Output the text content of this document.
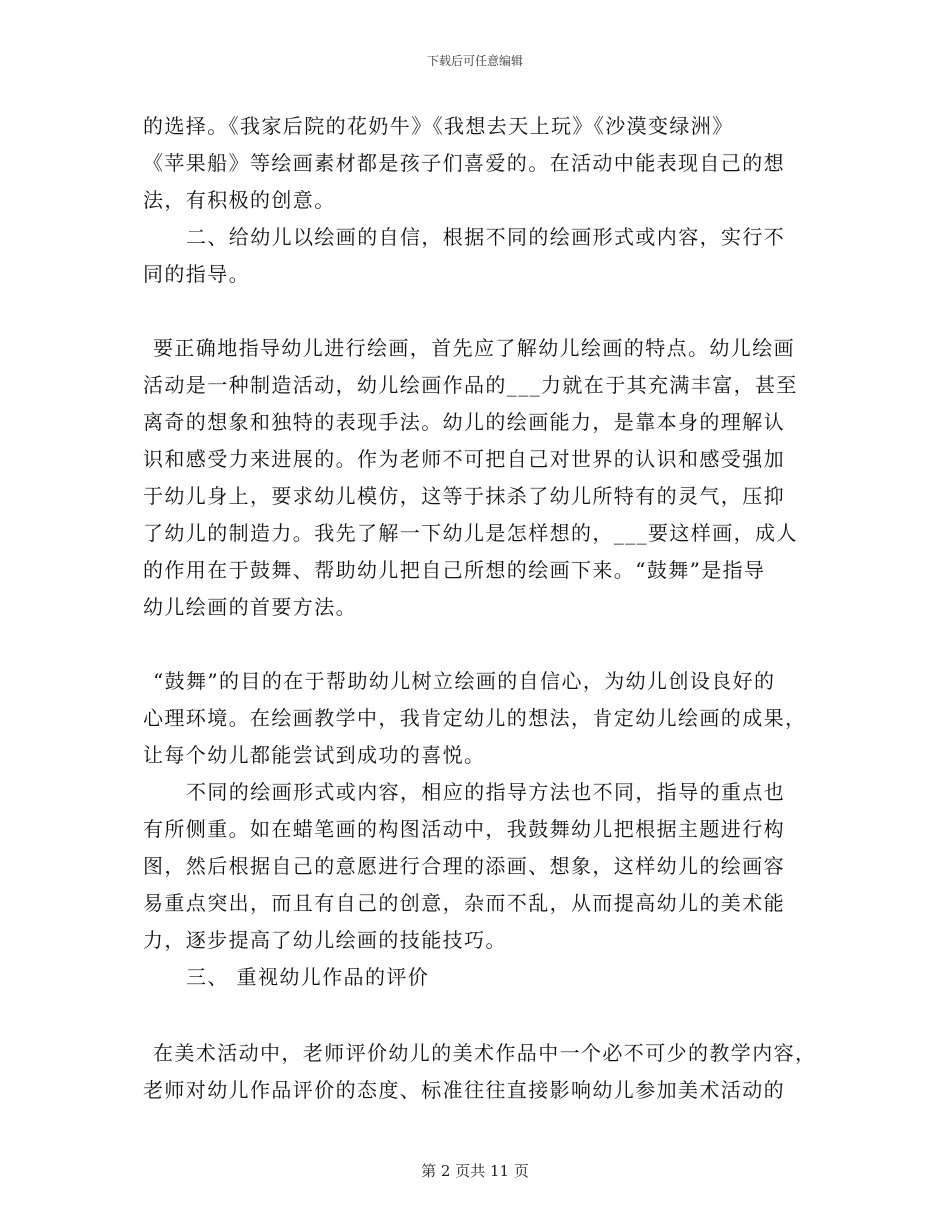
下载后可任意编辑
的选择。《我家后院的花奶牛》《我想去天上玩》《沙漠变绿洲》
《苹果船》等绘画素材都是孩子们喜爱的。在活动中能表现自己的想
法，有积极的创意。
二、给幼儿以绘画的自信，根据不同的绘画形式或内容，实行不
同的指导。
要正确地指导幼儿进行绘画，首先应了解幼儿绘画的特点。幼儿绘画
活动是一种制造活动，幼儿绘画作品的___力就在于其充满丰富，甚至
离奇的想象和独特的表现手法。幼儿的绘画能力，是靠本身的理解认
识和感受力来进展的。作为老师不可把自己对世界的认识和感受强加
于幼儿身上，要求幼儿模仿，这等于抹杀了幼儿所特有的灵气，压抑
了幼儿的制造力。我先了解一下幼儿是怎样想的，___要这样画，成人
的作用在于鼓舞、帮助幼儿把自己所想的绘画下来。“鼓舞”是指导
幼儿绘画的首要方法。
“鼓舞”的目的在于帮助幼儿树立绘画的自信心，为幼儿创设良好的
心理环境。在绘画教学中，我肯定幼儿的想法，肯定幼儿绘画的成果，
让每个幼儿都能尝试到成功的喜悦。
不同的绘画形式或内容，相应的指导方法也不同，指导的重点也
有所侧重。如在蜡笔画的构图活动中，我鼓舞幼儿把根据主题进行构
图，然后根据自己的意愿进行合理的添画、想象，这样幼儿的绘画容
易重点突出，而且有自己的创意，杂而不乱，从而提高幼儿的美术能
力，逐步提高了幼儿绘画的技能技巧。
三、 重视幼儿作品的评价
在美术活动中，老师评价幼儿的美术作品中一个必不可少的教学内容，
老师对幼儿作品评价的态度、标准往往直接影响幼儿参加美术活动的
第 2 页共 11 页
